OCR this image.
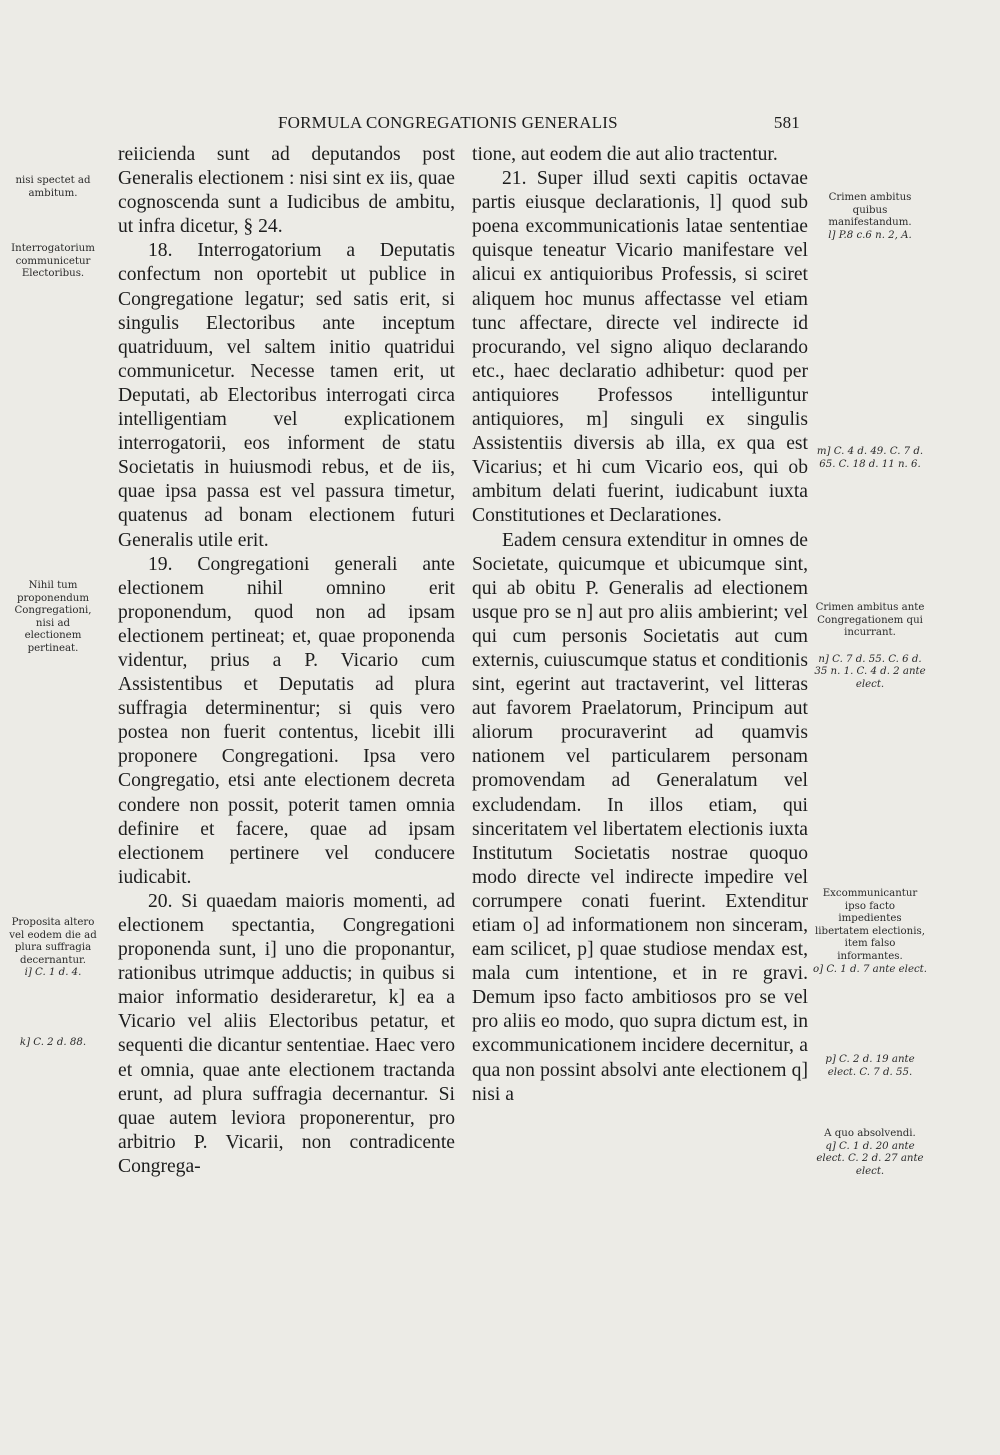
FORMULA CONGREGATIONIS GENERALIS	581
nisi spectet ad ambitum.
Interrogatorium communicetur Electoribus.
Nihil tum proponendum Congregationi, nisi ad electionem pertineat.
Proposita altero vel eodem die ad plura suffragia decernantur.
i] C. 1 d. 4.
k] C. 2 d. 88.

reiicienda sunt ad deputandos post Generalis electionem : nisi sint ex iis, quae cognoscenda sunt a Iudicibus de ambitu, ut infra dicetur, § 24.

18. Interrogatorium a Deputatis confectum non oportebit ut publice in Congregatione legatur; sed satis erit, si singulis Electoribus ante inceptum quatriduum, vel saltem initio quatridui communicetur. Necesse tamen erit, ut Deputati, ab Electoribus interrogati circa intelligentiam vel explicationem interrogatorii, eos informent de statu Societatis in huiusmodi rebus, et de iis, quae ipsa passa est vel passura timetur, quatenus ad bonam electionem futuri Generalis utile erit.

19. Congregationi generali ante electionem nihil omnino erit proponendum, quod non ad ipsam electionem pertineat; et, quae proponenda videntur, prius a P. Vicario cum Assistentibus et Deputatis ad plura suffragia determinentur; si quis vero postea non fuerit contentus, licebit illi proponere Congregationi. Ipsa vero Congregatio, etsi ante electionem decreta condere non possit, poterit tamen omnia definire et facere, quae ad ipsam electionem pertinere vel conducere iudicabit.

20. Si quaedam maioris momenti, ad electionem spectantia, Congregationi proponenda sunt, i] uno die proponantur, rationibus utrimque adductis; in quibus si maior informatio desideraretur, k] ea a Vicario vel aliis Electoribus petatur, et sequenti die dicantur sententiae. Haec vero et omnia, quae ante electionem tractanda erunt, ad plura suffragia decernantur. Si quae autem leviora proponerentur, pro arbitrio P. Vicarii, non contradicente Congrega-

tione, aut eodem die aut alio tractentur.

21. Super illud sexti capitis octavae partis eiusque declarationis, l] quod sub poena excommunicationis latae sententiae quisque teneatur Vicario manifestare vel alicui ex antiquioribus Professis, si sciret aliquem hoc munus affectasse vel etiam tunc affectare, directe vel indirecte id procurando, vel signo aliquo declarando etc., haec declaratio adhibetur: quod per antiquiores Professos intelliguntur antiquiores, m] singuli ex singulis Assistentiis diversis ab illa, ex qua est Vicarius; et hi cum Vicario eos, qui ob ambitum delati fuerint, iudicabunt iuxta Constitutiones et Declarationes.

Eadem censura extenditur in omnes de Societate, quicumque et ubicumque sint, qui ab obitu P. Generalis ad electionem usque pro se n] aut pro aliis ambierint; vel qui cum personis Societatis aut cum externis, cuiuscumque status et conditionis sint, egerint aut tractaverint, vel litteras aut favorem Praelatorum, Principum aut aliorum procuraverint ad quamvis nationem vel particularem personam promovendam ad Generalatum vel excludendam. In illos etiam, qui sinceritatem vel libertatem electionis iuxta Institutum Societatis nostrae quoquo modo directe vel indirecte impedire vel corrumpere conati fuerint. Extenditur etiam o] ad informationem non sinceram, eam scilicet, p] quae studiose mendax est, mala cum intentione, et in re gravi. Demum ipso facto ambitiosos pro se vel pro aliis eo modo, quo supra dictum est, in excommunicationem incidere decernitur, a qua non possint absolvi ante electionem q] nisi a

Crimen ambitus quibus manifestandum.
l] P.8 c.6 n. 2, A.
m] C. 4 d. 49. C. 7 d. 65. C. 18 d. 11 n. 6.
Crimen ambitus ante Congregationem qui incurrant.
n] C. 7 d. 55. C. 6 d. 35 n. 1. C. 4 d. 2 ante elect.
Excommunicantur ipso facto impedientes libertatem electionis, item falso informantes.
o] C. 1 d. 7 ante elect.
p] C. 2 d. 19 ante elect. C. 7 d. 55.
A quo absolvendi.
q] C. 1 d. 20 ante elect. C. 2 d. 27 ante elect.
